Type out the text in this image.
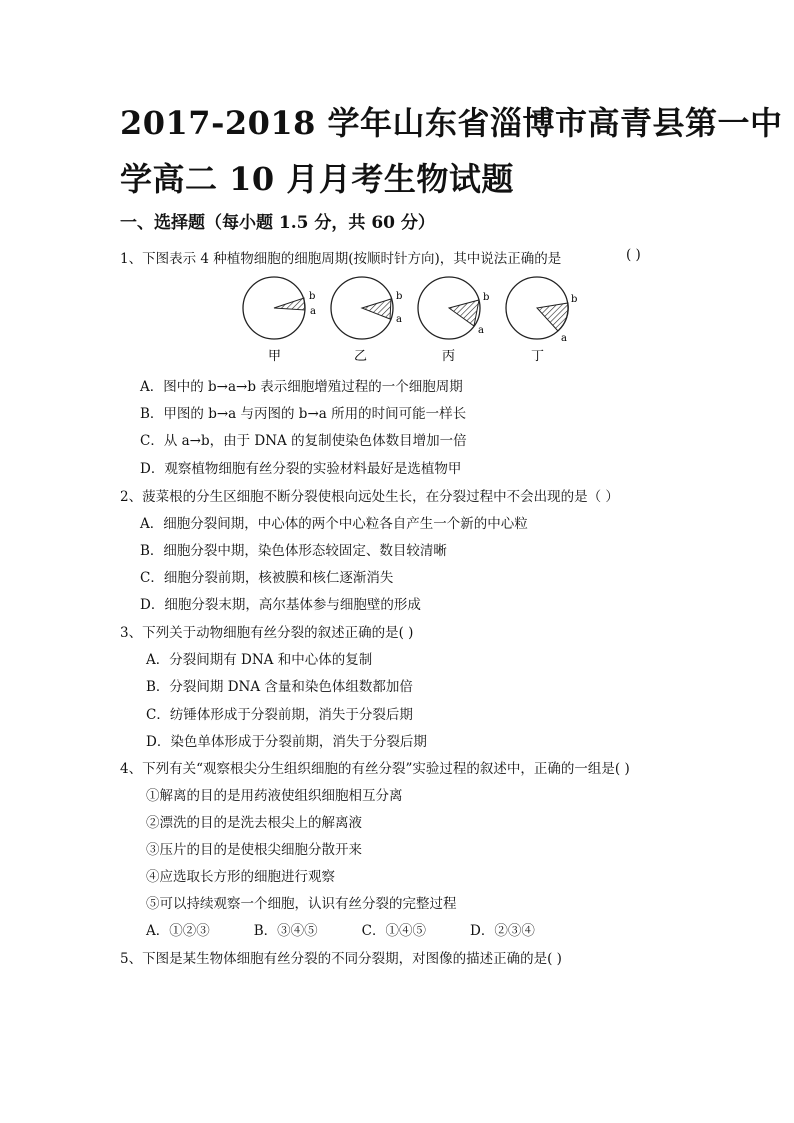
2017-2018 学年山东省淄博市高青县第一中
学高二 10 月月考生物试题
一、选择题（每小题 1.5 分，共 60 分）
1、下图表示 4 种植物细胞的细胞周期(按顺时针方向)，其中说法正确的是	( )
b
a
甲
b
a
乙
b
a
丙
b
a
丁
A．图中的 b→a→b 表示细胞增殖过程的一个细胞周期
B．甲图的 b→a 与丙图的 b→a 所用的时间可能一样长
C．从 a→b，由于 DNA 的复制使染色体数目增加一倍
D．观察植物细胞有丝分裂的实验材料最好是选植物甲
2、菠菜根的分生区细胞不断分裂使根向远处生长，在分裂过程中不会出现的是（ ）
A．细胞分裂间期，中心体的两个中心粒各自产生一个新的中心粒
B．细胞分裂中期，染色体形态较固定、数目较清晰
C．细胞分裂前期，核被膜和核仁逐渐消失
D．细胞分裂末期，高尔基体参与细胞壁的形成
3、下列关于动物细胞有丝分裂的叙述正确的是( )
A．分裂间期有 DNA 和中心体的复制
B．分裂间期 DNA 含量和染色体组数都加倍
C．纺锤体形成于分裂前期，消失于分裂后期
D．染色单体形成于分裂前期，消失于分裂后期
4、下列有关“观察根尖分生组织细胞的有丝分裂”实验过程的叙述中，正确的一组是( )
①解离的目的是用药液使组织细胞相互分离
②漂洗的目的是洗去根尖上的解离液
③压片的目的是使根尖细胞分散开来
④应选取长方形的细胞进行观察
⑤可以持续观察一个细胞，认识有丝分裂的完整过程
A．①②③	B．③④⑤	C．①④⑤	D．②③④
5、下图是某生物体细胞有丝分裂的不同分裂期，对图像的描述正确的是( )
